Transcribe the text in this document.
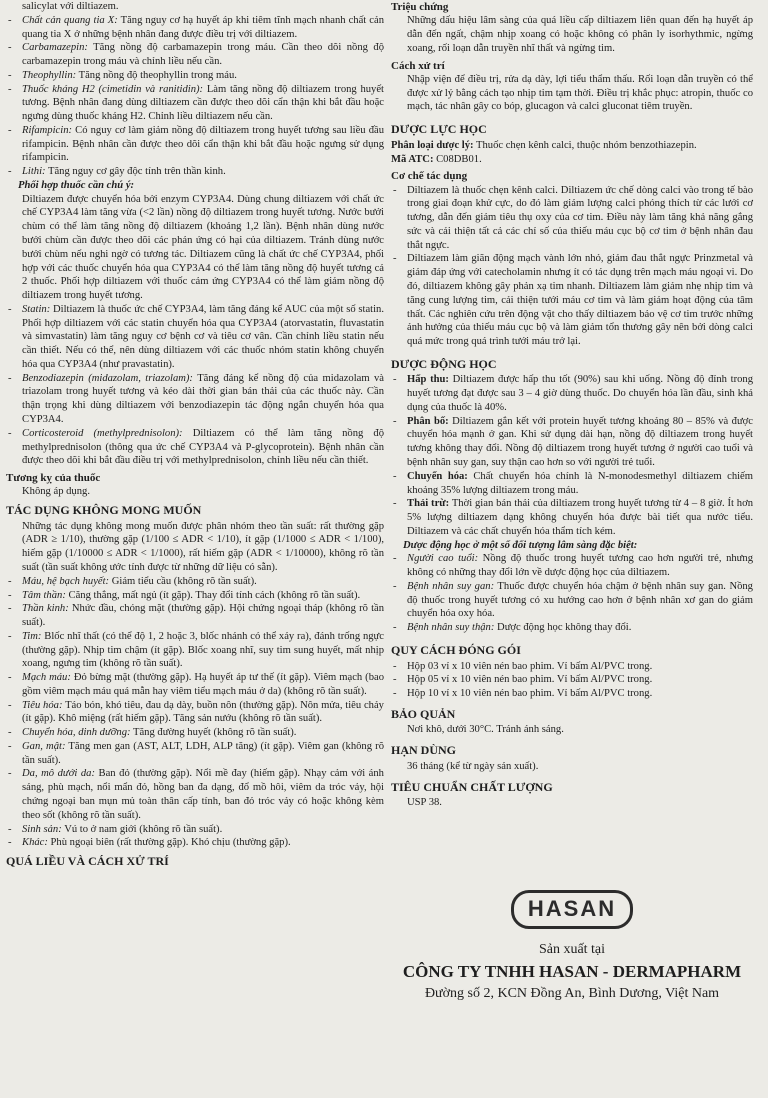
salicylat với diltiazem.

- Chất cản quang tia X: Tăng nguy cơ hạ huyết áp khi tiêm tĩnh mạch nhanh chất cản quang tia X ở những bệnh nhân đang được điều trị với diltiazem.

- Carbamazepin: Tăng nồng độ carbamazepin trong máu. Cần theo dõi nồng độ carbamazepin trong máu và chỉnh liều nếu cần.

- Theophyllin: Tăng nồng độ theophyllin trong máu.

- Thuốc kháng H2 (cimetidin và ranitidin): Làm tăng nồng độ diltiazem trong huyết tương. Bệnh nhân đang dùng diltiazem cần được theo dõi cẩn thận khi bắt đầu hoặc ngưng dùng thuốc kháng H2. Chỉnh liều diltiazem nếu cần.

- Rifampicin: Có nguy cơ làm giảm nồng độ diltiazem trong huyết tương sau liều đầu rifampicin. Bệnh nhân cần được theo dõi cẩn thận khi bắt đầu hoặc ngưng sử dụng rifampicin.

- Lithi: Tăng nguy cơ gây độc tính trên thần kinh.

Phối hợp thuốc cần chú ý:

Diltiazem được chuyển hóa bởi enzym CYP3A4. Dùng chung diltiazem với chất ức chế CYP3A4 làm tăng vừa (<2 lần) nồng độ diltiazem trong huyết tương. Nước bưởi chùm có thể làm tăng nồng độ diltiazem (khoảng 1,2 lần). Bệnh nhân dùng nước bưởi chùm cần được theo dõi các phản ứng có hại của diltiazem. Tránh dùng nước bưởi chùm nếu nghi ngờ có tương tác. Diltiazem cũng là chất ức chế CYP3A4, phối hợp với các thuốc chuyển hóa qua CYP3A4 có thể làm tăng nồng độ huyết tương cả 2 thuốc. Phối hợp diltiazem với thuốc cảm ứng CYP3A4 có thể làm giảm nồng độ diltiazem trong huyết tương.

- Statin: Diltiazem là thuốc ức chế CYP3A4, làm tăng đáng kể AUC của một số statin. Phối hợp diltiazem với các statin chuyển hóa qua CYP3A4 (atorvastatin, fluvastatin và simvastatin) làm tăng nguy cơ bệnh cơ và tiêu cơ vân. Cần chỉnh liều statin nếu cần thiết. Nếu có thể, nên dùng diltiazem với các thuốc nhóm statin không chuyển hóa qua CYP3A4 (như pravastatin).

- Benzodiazepin (midazolam, triazolam): Tăng đáng kể nồng độ của midazolam và triazolam trong huyết tương và kéo dài thời gian bán thải của các thuốc này. Cần thận trọng khi dùng diltiazem với benzodiazepin tác động ngắn chuyển hóa qua CYP3A4.

- Corticosteroid (methylprednisolon): Diltiazem có thể làm tăng nồng độ methylprednisolon (thông qua ức chế CYP3A4 và P-glycoprotein). Bệnh nhân cần được theo dõi khi bắt đầu điều trị với methylprednisolon, chỉnh liều nếu cần thiết.

Tương kỵ của thuốc

Không áp dụng.

TÁC DỤNG KHÔNG MONG MUỐN

Những tác dụng không mong muốn được phân nhóm theo tần suất: rất thường gặp (ADR ≥ 1/10), thường gặp (1/100 ≤ ADR < 1/10), ít gặp (1/1000 ≤ ADR < 1/100), hiếm gặp (1/10000 ≤ ADR < 1/1000), rất hiếm gặp (ADR < 1/10000), không rõ tần suất (tần suất không ước tính được từ những dữ liệu có sẵn).

- Máu, hệ bạch huyết: Giảm tiểu cầu (không rõ tần suất).

- Tâm thần: Căng thẳng, mất ngủ (ít gặp). Thay đổi tính cách (không rõ tần suất).

- Thần kinh: Nhức đầu, chóng mặt (thường gặp). Hội chứng ngoại tháp (không rõ tần suất).

- Tim: Blốc nhĩ thất (có thể độ 1, 2 hoặc 3, blốc nhánh có thể xảy ra), đánh trống ngực (thường gặp). Nhịp tim chậm (ít gặp). Blốc xoang nhĩ, suy tim sung huyết, mất nhịp xoang, ngưng tim (không rõ tần suất).

- Mạch máu: Đỏ bừng mặt (thường gặp). Hạ huyết áp tư thế (ít gặp). Viêm mạch (bao gồm viêm mạch máu quá mẫn hay viêm tiểu mạch máu ở da) (không rõ tần suất).

- Tiêu hóa: Táo bón, khó tiêu, đau dạ dày, buồn nôn (thường gặp). Nôn mửa, tiêu chảy (ít gặp). Khô miệng (rất hiếm gặp). Tăng sản nướu (không rõ tần suất).

- Chuyển hóa, dinh dưỡng: Tăng đường huyết (không rõ tần suất).

- Gan, mật: Tăng men gan (AST, ALT, LDH, ALP tăng) (ít gặp). Viêm gan (không rõ tần suất).

- Da, mô dưới da: Ban đỏ (thường gặp). Nổi mề đay (hiếm gặp). Nhạy cảm với ánh sáng, phù mạch, nổi mẩn đỏ, hồng ban đa dạng, đổ mồ hôi, viêm da tróc vảy, hội chứng ngoại ban mụn mủ toàn thân cấp tính, ban đỏ tróc vảy có hoặc không kèm theo sốt (không rõ tần suất).

- Sinh sản: Vú to ở nam giới (không rõ tần suất).

- Khác: Phù ngoại biên (rất thường gặp). Khó chịu (thường gặp).

QUÁ LIỀU VÀ CÁCH XỬ TRÍ
Triệu chứng

Những dấu hiệu lâm sàng của quá liều cấp diltiazem liên quan đến hạ huyết áp dẫn đến ngất, chậm nhịp xoang có hoặc không có phân ly isorhythmic, ngừng xoang, rối loạn dẫn truyền nhĩ thất và ngừng tim.

Cách xử trí

Nhập viện để điều trị, rửa dạ dày, lợi tiểu thẩm thấu. Rối loạn dẫn truyền có thể được xử lý bằng cách tạo nhịp tim tạm thời. Điều trị khắc phục: atropin, thuốc co mạch, tác nhân gây co bóp, glucagon và calci gluconat tiêm truyền.

DƯỢC LỰC HỌC

Phân loại dược lý: Thuốc chẹn kênh calci, thuộc nhóm benzothiazepin.

Mã ATC: C08DB01.

Cơ chế tác dụng

- Diltiazem là thuốc chẹn kênh calci. Diltiazem ức chế dòng calci vào trong tế bào trong giai đoạn khử cực, do đó làm giảm lượng calci phóng thích từ các lưới cơ tương, dẫn đến giảm tiêu thụ oxy của cơ tim. Điều này làm tăng khả năng gắng sức và cải thiện tất cả các chỉ số của thiếu máu cục bộ cơ tim ở bệnh nhân đau thắt ngực.

- Diltiazem làm giãn động mạch vành lớn nhỏ, giảm đau thắt ngực Prinzmetal và giảm đáp ứng với catecholamin nhưng ít có tác dụng trên mạch máu ngoại vi. Do đó, diltiazem không gây phản xạ tim nhanh. Diltiazem làm giảm nhẹ nhịp tim và tăng cung lượng tim, cải thiện tưới máu cơ tim và làm giảm hoạt động của tâm thất. Các nghiên cứu trên động vật cho thấy diltiazem bảo vệ cơ tim trước những ảnh hưởng của thiếu máu cục bộ và làm giảm tổn thương gây nên bởi dòng calci quá mức trong quá trình tưới máu trở lại.

DƯỢC ĐỘNG HỌC

- Hấp thu: Diltiazem được hấp thu tốt (90%) sau khi uống. Nồng độ đỉnh trong huyết tương đạt được sau 3 – 4 giờ dùng thuốc. Do chuyển hóa lần đầu, sinh khả dụng của thuốc là 40%.

- Phân bố: Diltiazem gắn kết với protein huyết tương khoảng 80 – 85% và được chuyển hóa mạnh ở gan. Khi sử dụng dài hạn, nồng độ diltiazem trong huyết tương không thay đổi. Nồng độ diltiazem trong huyết tương ở người cao tuổi và bệnh nhân suy gan, suy thận cao hơn so với người trẻ tuổi.

- Chuyển hóa: Chất chuyển hóa chính là N-monodesmethyl diltiazem chiếm khoảng 35% lượng diltiazem trong máu.

- Thải trừ: Thời gian bán thải của diltiazem trong huyết tương từ 4 – 8 giờ. Ít hơn 5% lượng diltiazem dạng không chuyển hóa được bài tiết qua nước tiểu. Diltiazem và các chất chuyển hóa thẩm tích kém.

Dược động học ở một số đối tượng lâm sàng đặc biệt:

- Người cao tuổi: Nồng độ thuốc trong huyết tương cao hơn người trẻ, nhưng không có những thay đổi lớn về dược động học của diltiazem.

- Bệnh nhân suy gan: Thuốc được chuyển hóa chậm ở bệnh nhân suy gan. Nồng độ thuốc trong huyết tương có xu hướng cao hơn ở bệnh nhân xơ gan do giảm chuyển hóa oxy hóa.

- Bệnh nhân suy thận: Dược động học không thay đổi.

QUY CÁCH ĐÓNG GÓI

- Hộp 03 vỉ x 10 viên nén bao phim. Vỉ bấm Al/PVC trong.

- Hộp 05 vỉ x 10 viên nén bao phim. Vỉ bấm Al/PVC trong.

- Hộp 10 vỉ x 10 viên nén bao phim. Vỉ bấm Al/PVC trong.

BẢO QUẢN

Nơi khô, dưới 30°C. Tránh ánh sáng.

HẠN DÙNG

36 tháng (kể từ ngày sản xuất).

TIÊU CHUẨN CHẤT LƯỢNG

USP 38.

HASAN

Sản xuất tại

CÔNG TY TNHH HASAN - DERMAPHARM

Đường số 2, KCN Đồng An, Bình Dương, Việt Nam
